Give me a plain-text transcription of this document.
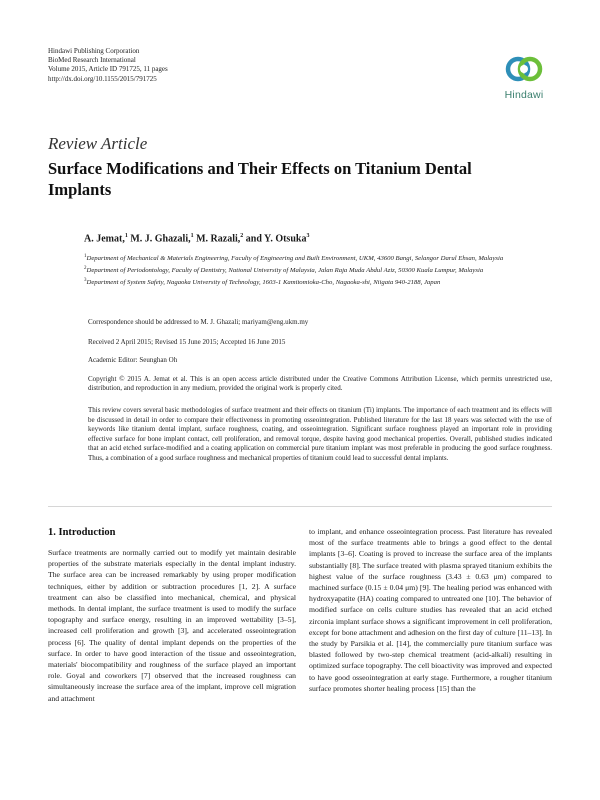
Hindawi Publishing Corporation
BioMed Research International
Volume 2015, Article ID 791725, 11 pages
http://dx.doi.org/10.1155/2015/791725
Hindawi
Review Article
Surface Modifications and Their Effects on Titanium Dental Implants
A. Jemat,$^1$ M. J. Ghazali,$^1$ M. Razali,$^2$ and Y. Otsuka$^3$
$^1$Department of Mechanical & Materials Engineering, Faculty of Engineering and Built Environment, UKM, 43600 Bangi, Selangor Darul Ehsan, Malaysia
$^2$Department of Periodontology, Faculty of Dentistry, National University of Malaysia, Jalan Raja Muda Abdul Aziz, 50300 Kuala Lumpur, Malaysia
$^3$Department of System Safety, Nagaoka University of Technology, 1603-1 Kamitomioka-Cho, Nagaoka-shi, Niigata 940-2188, Japan
Correspondence should be addressed to M. J. Ghazali; mariyam@eng.ukm.my
Received 2 April 2015; Revised 15 June 2015; Accepted 16 June 2015
Academic Editor: Seunghan Oh
Copyright © 2015 A. Jemat et al. This is an open access article distributed under the Creative Commons Attribution License, which permits unrestricted use, distribution, and reproduction in any medium, provided the original work is properly cited.
This review covers several basic methodologies of surface treatment and their effects on titanium (Ti) implants. The importance of each treatment and its effects will be discussed in detail in order to compare their effectiveness in promoting osseointegration. Published literature for the last 18 years was selected with the use of keywords like titanium dental implant, surface roughness, coating, and osseointegration. Significant surface roughness played an important role in providing effective surface for bone implant contact, cell proliferation, and removal torque, despite having good mechanical properties. Overall, published studies indicated that an acid etched surface-modified and a coating application on commercial pure titanium implant was most preferable in producing the good surface roughness. Thus, a combination of a good surface roughness and mechanical properties of titanium could lead to successful dental implants.
1. Introduction
Surface treatments are normally carried out to modify yet maintain desirable properties of the substrate materials especially in the dental implant industry. The surface area can be increased remarkably by using proper modification techniques, either by addition or subtraction procedures [1, 2]. A surface treatment can also be classified into mechanical, chemical, and physical methods. In dental implant, the surface treatment is used to modify the surface topography and surface energy, resulting in an improved wettability [3–5], increased cell proliferation and growth [3], and accelerated osseointegration process [6]. The quality of dental implant depends on the properties of the surface. In order to have good interaction of the tissue and osseointegration, materials' biocompatibility and roughness of the surface played an important role. Goyal and coworkers [7] observed that the increased roughness can simultaneously increase the surface area of the implant, improve cell migration and attachment
to implant, and enhance osseointegration process. Past literature has revealed most of the surface treatments able to brings a good effect to the dental implants [3–6]. Coating is proved to increase the surface area of the implants substantially [8]. The surface treated with plasma sprayed titanium exhibits the highest value of the surface roughness (3.43 ± 0.63 μm) compared to machined surface (0.15 ± 0.04 μm) [9]. The healing period was enhanced with hydroxyapatite (HA) coating compared to untreated one [10]. The behavior of modified surface on cells culture studies has revealed that an acid etched zirconia implant surface shows a significant improvement in cell proliferation, except for bone attachment and adhesion on the first day of culture [11–13]. In the study by Parsikia et al. [14], the commercially pure titanium surface was blasted followed by two-step chemical treatment (acid-alkali) resulting in optimized surface topography. The cell bioactivity was improved and expected to have good osseointegration at early stage. Furthermore, a rougher titanium surface promotes shorter healing process [15] than the
